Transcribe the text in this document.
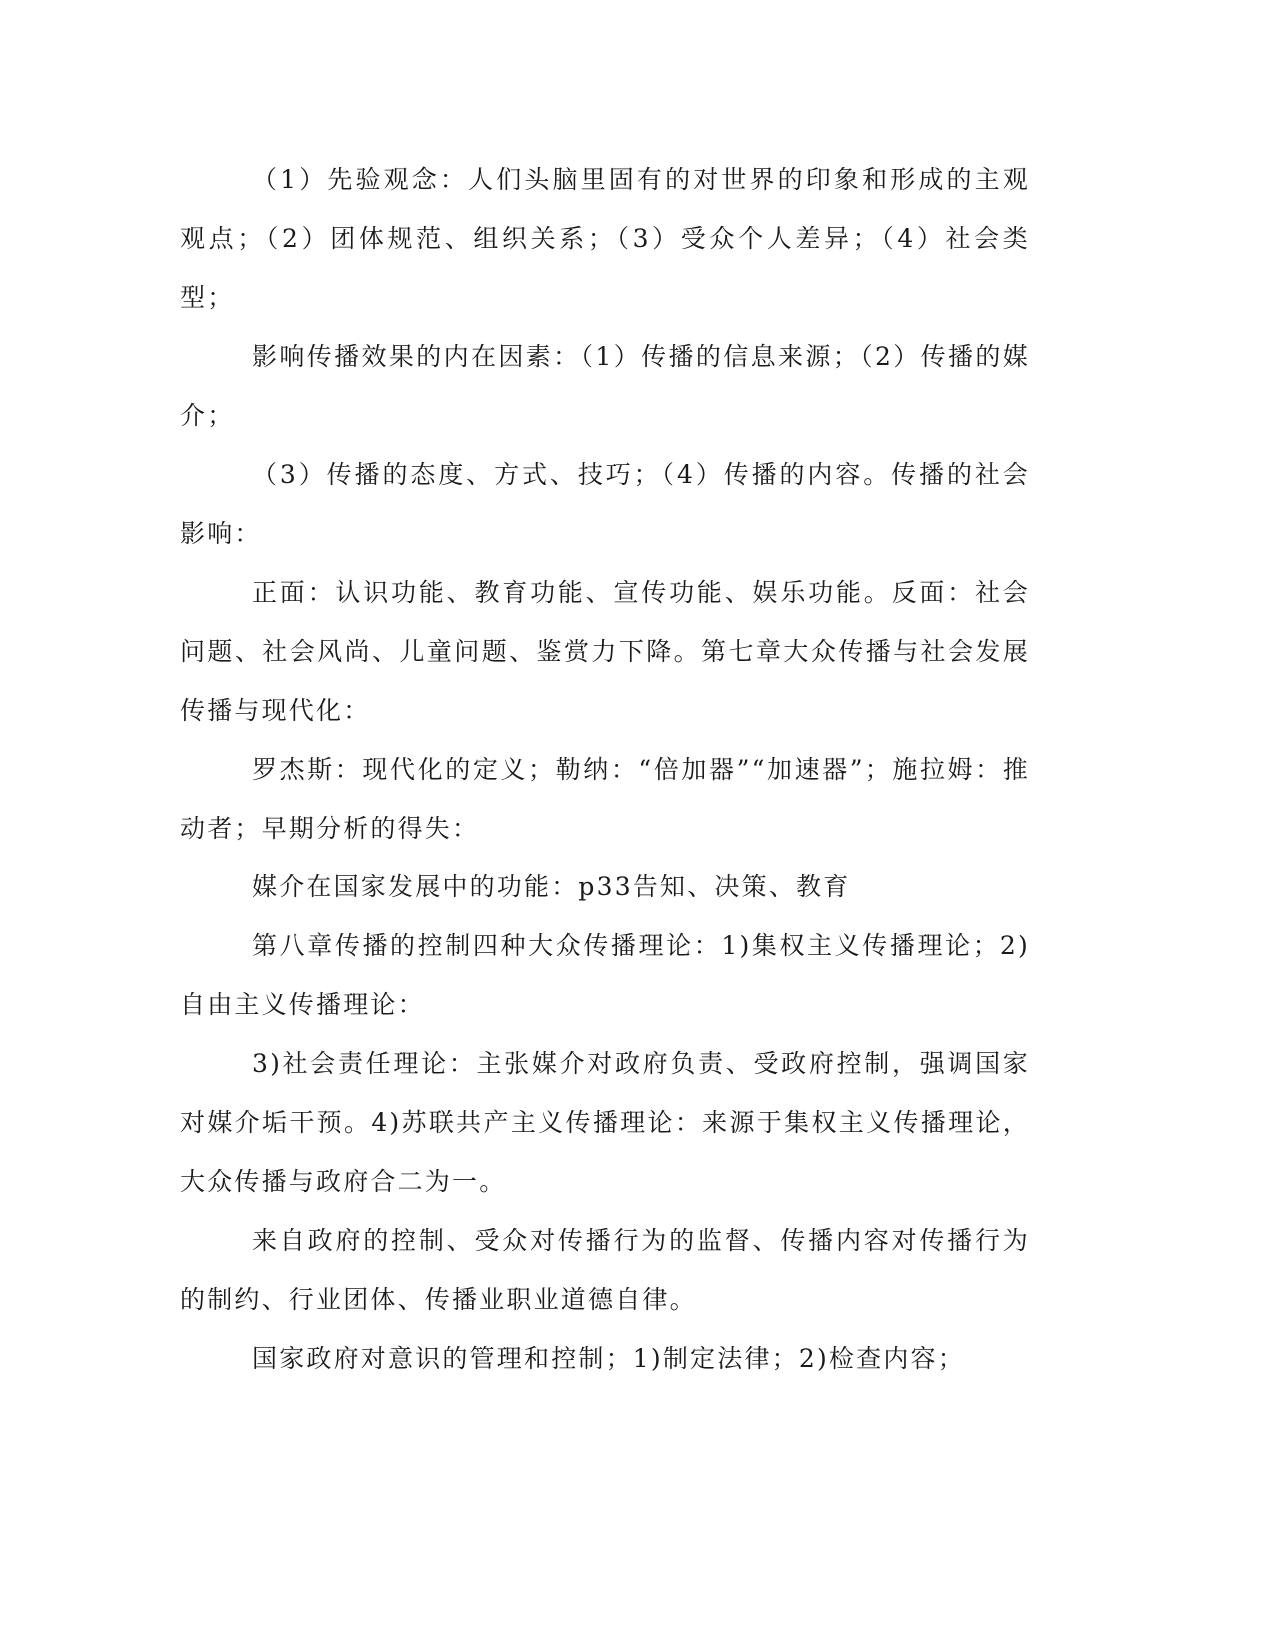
（1）先验观念：人们头脑里固有的对世界的印象和形成的主观观点；（2）团体规范、组织关系；（3）受众个人差异；（4）社会类型；

影响传播效果的内在因素：（1）传播的信息来源；（2）传播的媒介；

（3）传播的态度、方式、技巧；（4）传播的内容。传播的社会影响：

正面：认识功能、教育功能、宣传功能、娱乐功能。反面：社会问题、社会风尚、儿童问题、鉴赏力下降。第七章大众传播与社会发展传播与现代化：

罗杰斯：现代化的定义；勒纳：“倍加器”“加速器”；施拉姆：推动者；早期分析的得失：

媒介在国家发展中的功能：p33告知、决策、教育

第八章传播的控制四种大众传播理论：1)集权主义传播理论；2)自由主义传播理论：

3)社会责任理论：主张媒介对政府负责、受政府控制，强调国家对媒介垢干预。4)苏联共产主义传播理论：来源于集权主义传播理论，大众传播与政府合二为一。

来自政府的控制、受众对传播行为的监督、传播内容对传播行为的制约、行业团体、传播业职业道德自律。

国家政府对意识的管理和控制；1)制定法律；2)检查内容；
